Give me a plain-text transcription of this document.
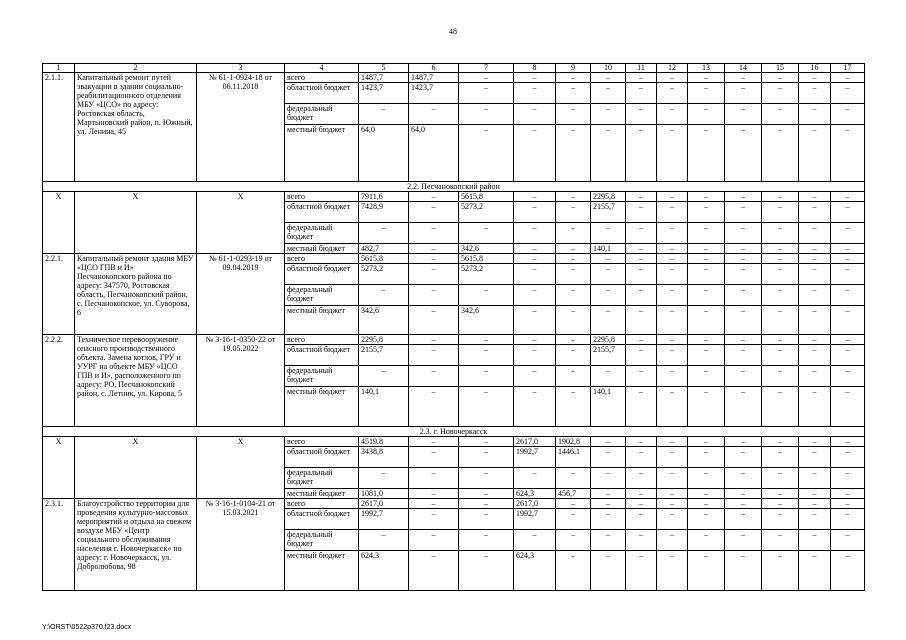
48
1	2	3	4	5	6	7	8	9	10	11	12	13	14	15	16	17
2.1.1.	Капитальный ремонт путей эвакуации в здании социально-реабилитационного отделения МБУ «ЦСО» по адресу: Ростовская область, Мартыновский район, п. Южный, ул. Ленина, 45	№ 61-1-0924-18 от 06.11.2018	всего	1487,7	1487,7	–	–	–	–	–	–	–	–	–	–	–
			областной бюджет	1423,7	1423,7	–	–	–	–	–	–	–	–	–	–	–
			федеральный бюджет	–	–	–	–	–	–	–	–	–	–	–	–	–
			местный бюджет	64,0	64,0	–	–	–	–	–	–	–	–	–	–	–
2.2. Песчанокопский район																
Х	Х	Х	всего	7911,6	–	5615,8	–	–	2295,8	–	–	–	–	–	–	–
			областной бюджет	7428,9	–	5273,2	–	–	2155,7	–	–	–	–	–	–	–
			федеральный бюджет	–	–	–	–	–	–	–	–	–	–	–	–	–
			местный бюджет	482,7	–	342,6	–	–	140,1	–	–	–	–	–	–	–
2.2.1.	Капитальный ремонт здания МБУ «ЦСО ГПВ и И» Песчанокопского района по адресу: 347570, Ростовская область, Песчанокопский район, с. Песчанокопское, ул. Суворова, 6	№ 61-1-0293-19 от 09.04.2019	всего	5615,8	–	5615,8	–	–	–	–	–	–	–	–	–	–
			областной бюджет	5273,2	–	5273,2	–	–	–	–	–	–	–	–	–	–
			федеральный бюджет	–	–	–	–	–	–	–	–	–	–	–	–	–
			местный бюджет	342,6	–	342,6	–	–	–	–	–	–	–	–	–	–
2.2.2.	Техническое перевооружение опасного производственного объекта. Замена котлов, ГРУ и УУРГ на объекте МБУ «ЦСО ГПВ и И», расположенного по адресу: РО, Песчанокопский район, с. Летник, ул. Кирова, 5	№ 3-16-1-0350-22 от 19.05.2022	всего	2295,8	–	–	–	–	2295,8	–	–	–	–	–	–	–
			областной бюджет	2155,7	–	–	–	–	2155,7	–	–	–	–	–	–	–
			федеральный бюджет	–	–	–	–	–	–	–	–	–	–	–	–	–
			местный бюджет	140,1	–	–	–	–	140,1	–	–	–	–	–	–	–
2.3. г. Новочеркасск																
Х	Х	Х	всего	4519,8	–	–	2617,0	1902,8	–	–	–	–	–	–	–	–
			областной бюджет	3438,8	–	–	1992,7	1446,1	–	–	–	–	–	–	–	–
			федеральный бюджет	–	–	–	–	–	–	–	–	–	–	–	–	–
			местный бюджет	1081,0	–	–	624,3	456,7	–	–	–	–	–	–	–	–
2.3.1.	Благоустройство территории для проведения культурно-массовых мероприятий и отдыха на свежем воздухе МБУ «Центр социального обслуживания населения г. Новочеркасск» по адресу: г. Новочеркасск, ул. Добролюбова, 98	№ 3-16-1-0104-21 от 15.03.2021	всего	2617,0	–	–	2617,0	–	–	–	–	–	–	–	–	–
			областной бюджет	1992,7	–	–	1992,7	–	–	–	–	–	–	–	–	–
			федеральный бюджет	–	–	–	–	–	–	–	–	–	–	–	–	–
			местный бюджет	624,3	–	–	624,3	–	–	–	–	–	–	–	–	–
Y:\ORST\0522p370.f23.docx
